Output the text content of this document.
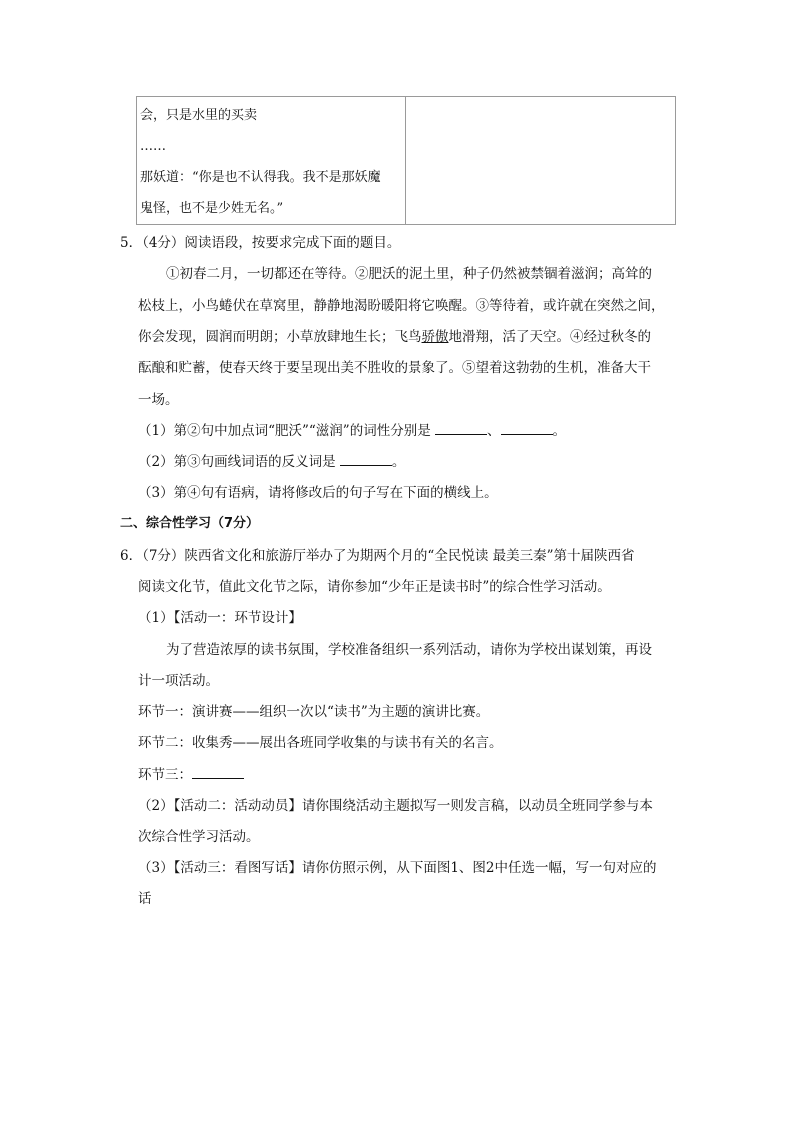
会，只是水里的买卖
……
那妖道：“你是也不认得我。我不是那妖魔
鬼怪，也不是少姓无名。”

5．（4分）阅读语段，按要求完成下面的题目。
①初春二月，一切都还在等待。②肥沃的泥土里，种子仍然被禁锢着滋润；高耸的
松枝上，小鸟蜷伏在草窝里，静静地渴盼暖阳将它唤醒。③等待着，或许就在突然之间，
你会发现，圆润而明朗；小草放肆地生长；飞鸟骄傲地滑翔，活了天空。④经过秋冬的
酝酿和贮蓄，使春天终于要呈现出美不胜收的景象了。⑤望着这勃勃的生机，准备大干
一场。
（1）第②句中加点词“肥沃”“滋润”的词性分别是	、	。
（2）第③句画线词语的反义词是	。
（3）第④句有语病，请将修改后的句子写在下面的横线上。
二、综合性学习（7分）
6．（7分）陕西省文化和旅游厅举办了为期两个月的“全民悦读 最美三秦”第十届陕西省
阅读文化节，值此文化节之际，请你参加“少年正是读书时”的综合性学习活动。
（1）【活动一：环节设计】
为了营造浓厚的读书氛围，学校准备组织一系列活动，请你为学校出谋划策，再设
计一项活动。
环节一：演讲赛——组织一次以“读书”为主题的演讲比赛。
环节二：收集秀——展出各班同学收集的与读书有关的名言。
环节三：
（2）【活动二：活动动员】请你围绕活动主题拟写一则发言稿，以动员全班同学参与本
次综合性学习活动。
（3）【活动三：看图写话】请你仿照示例，从下面图1、图2中任选一幅，写一句对应的
话
